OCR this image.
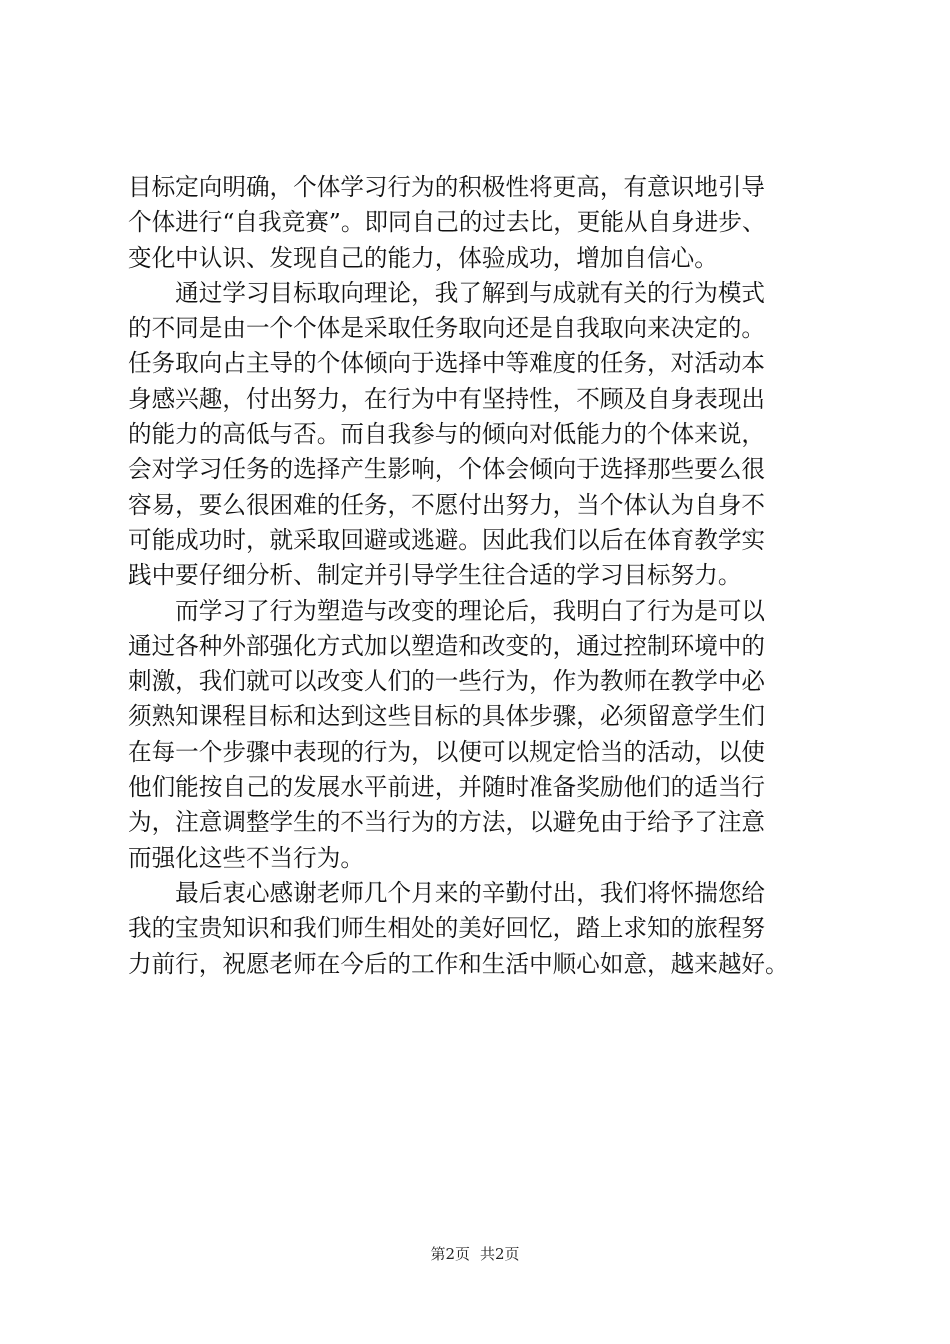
目标定向明确，个体学习行为的积极性将更高，有意识地引导
个体进行“自我竞赛”。即同自己的过去比，更能从自身进步、
变化中认识、发现自己的能力，体验成功，增加自信心。
　　通过学习目标取向理论，我了解到与成就有关的行为模式
的不同是由一个个体是采取任务取向还是自我取向来决定的。
任务取向占主导的个体倾向于选择中等难度的任务，对活动本
身感兴趣，付出努力，在行为中有坚持性，不顾及自身表现出
的能力的高低与否。而自我参与的倾向对低能力的个体来说，
会对学习任务的选择产生影响，个体会倾向于选择那些要么很
容易，要么很困难的任务，不愿付出努力，当个体认为自身不
可能成功时，就采取回避或逃避。因此我们以后在体育教学实
践中要仔细分析、制定并引导学生往合适的学习目标努力。
　　而学习了行为塑造与改变的理论后，我明白了行为是可以
通过各种外部强化方式加以塑造和改变的，通过控制环境中的
刺激，我们就可以改变人们的一些行为，作为教师在教学中必
须熟知课程目标和达到这些目标的具体步骤，必须留意学生们
在每一个步骤中表现的行为，以便可以规定恰当的活动，以使
他们能按自己的发展水平前进，并随时准备奖励他们的适当行
为，注意调整学生的不当行为的方法，以避免由于给予了注意
而强化这些不当行为。
　　最后衷心感谢老师几个月来的辛勤付出，我们将怀揣您给
我的宝贵知识和我们师生相处的美好回忆，踏上求知的旅程努
力前行，祝愿老师在今后的工作和生活中顺心如意，越来越好。
第2页 共2页
